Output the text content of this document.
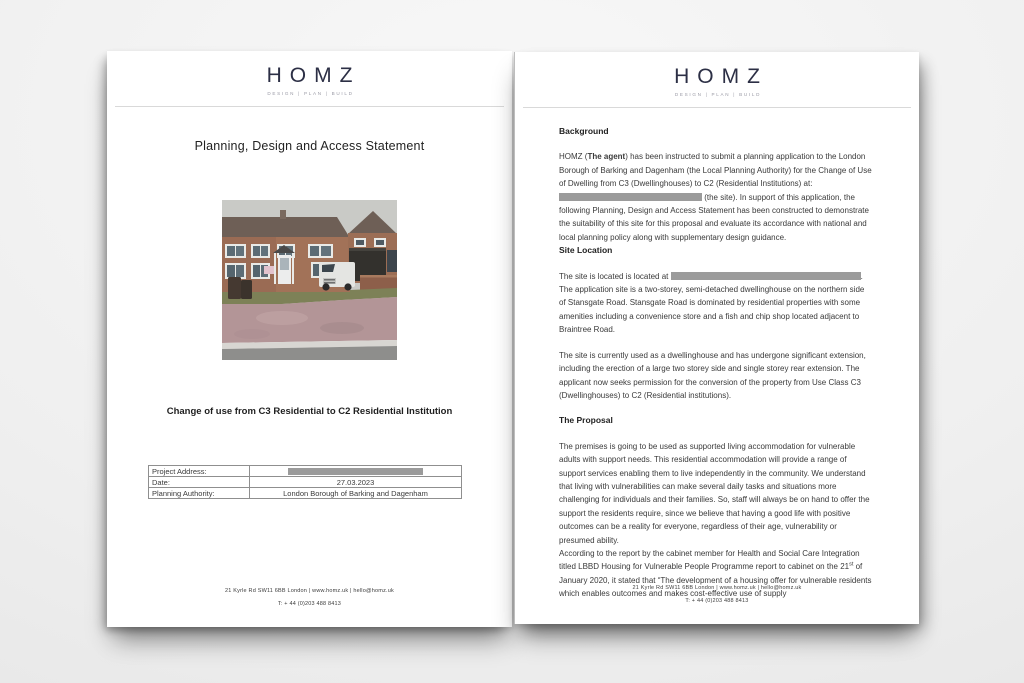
HOMZ
DESIGN | PLAN | BUILD
Planning, Design and Access Statement
Change of use from C3 Residential to C2 Residential Institution
Project Address:	
Date:	27.03.2023
Planning Authority:	London Borough of Barking and Dagenham
21 Kyrle Rd SW11 6BB London | www.homz.uk | hello@homz.uk
T: + 44 (0)203 488 8413
HOMZ
DESIGN | PLAN | BUILD
Background
HOMZ (The agent) has been instructed to submit a planning application to the London Borough of Barking and Dagenham (the Local Planning Authority) for the Change of Use of Dwelling from C3 (Dwellinghouses) to C2 (Residential Institutions) at:  (the site). In support of this application, the following Planning, Design and Access Statement has been constructed to demonstrate the suitability of this site for this proposal and evaluate its accordance with national and local planning policy along with supplementary design guidance.
Site Location
The site is located is located at	. The application site is a two-storey, semi-detached dwellinghouse on the northern side of Stansgate Road. Stansgate Road is dominated by residential properties with some amenities including a convenience store and a fish and chip shop located adjacent to Braintree Road.
The site is currently used as a dwellinghouse and has undergone significant extension, including the erection of a large two storey side and single storey rear extension. The applicant now seeks permission for the conversion of the property from Use Class C3 (Dwellinghouses) to C2 (Residential institutions).
The Proposal
The premises is going to be used as supported living accommodation for vulnerable adults with support needs. This residential accommodation will provide a range of support services enabling them to live independently in the community. We understand that living with vulnerabilities can make several daily tasks and situations more challenging for individuals and their families. So, staff will always be on hand to offer the support the residents require, since we believe that having a good life with positive outcomes can be a reality for everyone, regardless of their age, vulnerability or presumed ability.
According to the report by the cabinet member for Health and Social Care Integration titled LBBD Housing for Vulnerable People Programme report to cabinet on the 21st of January 2020, it stated that “The development of a housing offer for vulnerable residents which enables outcomes and makes cost-effective use of supply
21 Kyrle Rd SW11 6BB London | www.homz.uk | hello@homz.uk
T: + 44 (0)203 488 8413
